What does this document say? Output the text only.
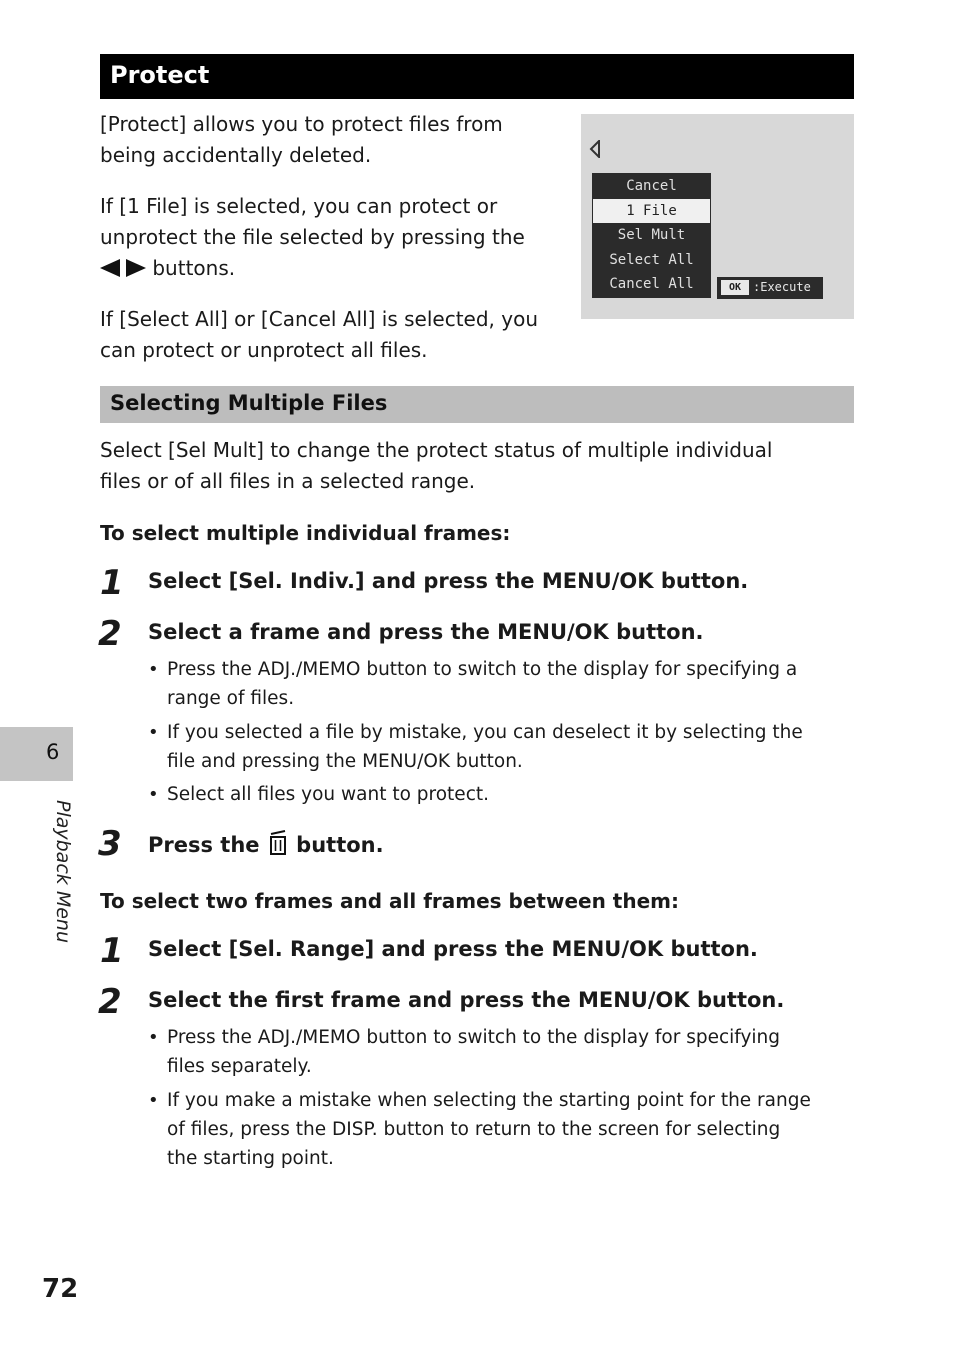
Protect
[Protect] allows you to protect files from
being accidentally deleted.
If [1 File] is selected, you can protect or
unprotect the file selected by pressing the
buttons.
If [Select All] or [Cancel All] is selected, you
can protect or unprotect all files.
Cancel
1 File
Sel Mult
Select All
Cancel All	OK :Execute
Selecting Multiple Files
Select [Sel Mult] to change the protect status of multiple individual
files or of all files in a selected range.
To select multiple individual frames:
1 Select [Sel. Indiv.] and press the MENU/OK button.
2 Select a frame and press the MENU/OK button.
• Press the ADJ./MEMO button to switch to the display for specifying a
range of files.
• If you selected a file by mistake, you can deselect it by selecting the
file and pressing the MENU/OK button.
• Select all files you want to protect.
3 Press the button.
To select two frames and all frames between them:
1 Select [Sel. Range] and press the MENU/OK button.
2 Select the first frame and press the MENU/OK button.
• Press the ADJ./MEMO button to switch to the display for specifying
files separately.
• If you make a mistake when selecting the starting point for the range
of files, press the DISP. button to return to the screen for selecting
the starting point.
6
Playback Menu
72
